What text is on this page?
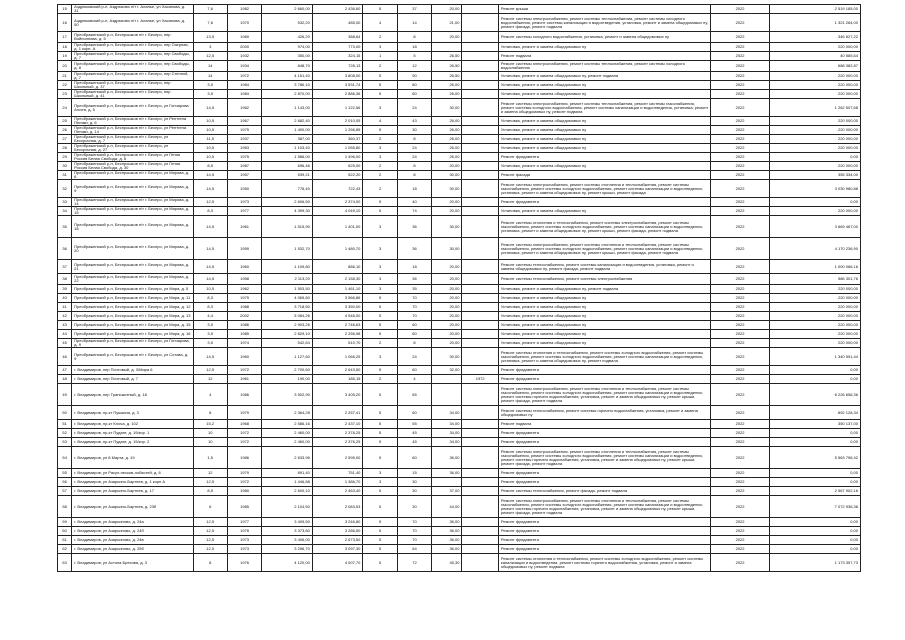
15	Аздрюковский р-н, Аздрюково п/т г. Аланье, ул Хасанова, д. 31	7,6	1982	2 660,00	2 436,60	5	37	20,00		Ремонт крыши	2022	2 519 185,00
16	Аздрюковский р-н, Аздрюково п/т г. Аланье, ул Хасанова, д. 50	7,6	1970	532,20	485,00	4	14	21,00		Ремонт системы электроснабжения, ремонт системы теплоснабжения, ремонт системы холодного водоснабжения, ремонт системы канализации и водоотведения, установка, ремонт и замена общедомовых пу, ремонт фасада, ремонт подвала	2022	1 321 264,00
17	Преображенский р-н, Беспрошков п/т г. Беспро, пер Войнолпова, д. 5	13,5	1969	426,20	388,64	2	8	20,00		Ремонт системы холодного водоснабжения, установка, ремонт и замена общедомовых пу	2022	346 827,22
18	Преображенский р-н, Беспрошков п/т г. Беспро, пер Озерная, д. 1 корп. А	3	2000	974,00	773,00	3	18			Установка, ремонт и замена общедомовых пу	2022	220 000,00
19	Преображенский р-н, Беспрошков п/т г. Беспро, пер Свободы, д. 7	12,5	1932	350,00	324,15	1	5	26,50		Ремонт подвала	2022	40 585,64
20	Преображенский р-н, Беспрошков п/т г. Беспро, пер Свободы, д. 8	14	1934	848,70	728,13	2	12	26,50		Ремонт системы электроснабжения, ремонт системы теплоснабжения, ремонт системы холодного водоснабжения	2022	688 382,87
21	Преображенский р-н, Беспрошков п/т г. Беспро, пер Степной, д. 7	14	1972	4 151,40	3 808,00	5	90	26,50		Установка, ремонт и замена общедомовых пу, ремонт подвала	2022	220 000,00
22	Преображенский р-н, Беспрошков п/т г. Беспро, пер Школьный, д. 37	3,5	1984	3 786,10	3 531,74	5	80	26,00		Установка, ремонт и замена общедомовых пу	2022	220 000,00
23	Преображенский р-н, Беспрошков п/т г. Беспро, пер Школьный, д. 41	3,5	1984	2 870,00	2 886,36	5	60	26,00		Установка, ремонт и замена общедомовых пу	2022	220 000,00
24	Преображенский р-н, Беспрошков п/т г. Беспро, ул Гончарова Аллея, д. 5	14,5	1962	1 143,00	1 122,56	3	24	30,00		Ремонт системы электроснабжения, ремонт системы теплоснабжения, ремонт системы газоснабжения, ремонт системы холодного водоснабжения, ремонт системы канализации и водоотведения, установка, ремонт и замена общедомовых пу, ремонт подвала	2022	1 262 507,68
25	Преображенский р-н, Беспрошков п/т г. Беспро, ул Рентгена Пеняки, д. 6	10,5	1967	2 682,40	2 010,05	4	43	26,00		Установка, ремонт и замена общедомовых пу	2022	220 000,00
26	Преображенский р-н, Беспрошков п/т г. Беспро, ул Рентгена Пеняки, д. 14	10,5	1975	1 400,00	1 256,85	5	30	26,00		Установка, ремонт и замена общедомовых пу	2022	220 000,00
27	Преображенский р-н, Беспрошков п/т г. Беспро, ул Бессрочная, д. 7	11,5	1937	387,00	360,37	2	8	26,00		Установка, ремонт и замена общедомовых пу	2022	220 000,00
28	Преображенский р-н, Беспрошков п/т г. Беспро, ул Бессрочная, д. 27	10,5	1963	1 103,40	1 055,80	3	24	26,00		Установка, ремонт и замена общедомовых пу	2022	220 000,00
29	Преображенский р-н, Беспрошков п/т г. Беспро, ул Гения Россия Белая Свобода, д. 6	10,5	1975	1 586,00	1 496,00	3	24	26,00		Ремонт фундамента	2022	0,00
30	Преображенский р-н, Беспрошков п/т г. Беспро, ул Гения Россия Белая Свобода, д. 30	8,5	1987	696,46	625,00	2	8	20,00		Установка, ремонт и замена общедомовых пу	2022	220 000,00
31	Преображенский р-н, Беспрошков п/т г. Беспро, ул Мирова, д. 6	14,5	1957	539,21	522,20	2	8	30,00		Ремонт фасада	2022	355 334,00
32	Преображенский р-н, Беспрошков п/т г. Беспро, ул Мирова, д. 9	14,5	1950	776,40	722,43	2	18	30,00		Ремонт системы электроснабжения, ремонт системы отопления и теплоснабжения, ремонт системы газоснабжения, ремонт системы холодного водоснабжения, ремонт системы канализации и водоотведения, установка, ремонт и замена общедомовых пу, ремонт крыши, ремонт фасада	2022	3 030 980,88
33	Преображенский р-н, Беспрошков п/т г. Беспро, ул Мирова, д. 14	12,5	1973	2 606,50	2 374,00	5	40	20,00		Ремонт фундамента	2022	0,00
34	Преображенский р-н, Беспрошков п/т г. Беспро, ул Мирова, д. 15	8,3	1977	4 399,30	4 049,10	5	74	20,00		Установка, ремонт и замена общедомовых пу	2022	220 000,00
35	Преображенский р-н, Беспрошков п/т г. Беспро, ул Мирова, д. 18	14,5	1961	1 515,90	1 401,00	3	36	30,00		Ремонт системы отопления и теплоснабжения, ремонт системы электроснабжения, ремонт системы газоснабжения, ремонт системы холодного водоснабжения, ремонт системы канализации и водоотведения, установка, ремонт и замена общедомовых пу, ремонт крыши, ремонт фасада, ремонт подвала	2022	3 669 467,00
36	Преображенский р-н, Беспрошков п/т г. Беспро, ул Мирова, д. 20	14,5	1959	1 532,70	1 480,70	3	36	30,00		Ремонт системы электроснабжения, ремонт системы отопления и теплоснабжения, ремонт системы газоснабжения, ремонт системы холодного водоснабжения, ремонт системы канализации и водоотведения, установка, ремонт и замена общедомовых пу, ремонт крыши, ремонт фасада, ремонт подвала	2022	4 170 236,90
37	Преображенский р-н, Беспрошков п/т г. Беспро, ул Мирова, д. 21	14,5	1960	1 109,80	886,10	3	18	20,00		Ремонт системы теплоснабжения, ремонт системы канализации и водоотведения, установка, ремонт и замена общедомовых пу, ремонт фасада, ремонт подвала	2022	1 000 066,16
38	Преображенский р-н, Беспрошков п/т г. Беспро, ул Мирова, д. 22	14,5	1958	2 113,20	2 158,30	3	36	20,00		Ремонт системы теплоснабжения, ремонт системы электроснабжения	2022	586 301,76
39	Преображенский р-н, Беспрошков п/т г. Беспро, ул Мира, д. 5	10,5	1962	1 503,50	1 461,10	3	35	20,00		Установка, ремонт и замена общедомовых пу, ремонт подвала	2022	220 000,00
40	Преображенский р-н, Беспрошков п/т г. Беспро, ул Мира, д. 11	8,3	1975	4 065,80	3 566,86	5	70	20,00		Установка, ремонт и замена общедомовых пу	2022	220 000,00
41	Преображенский р-н, Беспрошков п/т г. Беспро, ул Мира, д. 12	8,3	1988	3 718,50	3 350,00	5	70	20,00		Установка, ремонт и замена общедомовых пу	2022	220 000,00
42	Преображенский р-н, Беспрошков п/т г. Беспро, ул Мира, д. 13	4,4	2002	5 084,26	4 546,00	5	70	20,00		Установка, ремонт и замена общедомовых пу	2022	220 000,00
43	Преображенский р-н, Беспрошков п/т г. Беспро, ул Мира, д. 15	3,5	1986	2 903,26	2 746,63	5	60	20,00		Установка, ремонт и замена общедомовых пу	2022	220 000,00
44	Преображенский р-н, Беспрошков п/т г. Беспро, ул Мира, д. 16	3,5	1985	2 829,10	2 256,98	5	60	20,00		Установка, ремонт и замена общедомовых пу	2022	220 000,00
45	Преображенский р-н, Беспрошков п/т г. Беспро, ул Гончарова, д. 9	3,5	1974	542,64	510,70	2	8	20,00		Установка, ремонт и замена общедомовых пу	2022	220 000,00
46	Преображенский р-н, Беспрошков п/т г. Беспро, ул Сотова, д. 9	14,5	1960	1 127,60	1 066,25	3	24	30,00		Ремонт системы отопления и теплоснабжения, ремонт системы холодного водоснабжения, ремонт системы газоснабжения, ремонт системы холодного водоснабжения, ремонт системы канализации и водоотведения, установка, ремонт и замена общедомовых пу, ремонт подвала	2022	1 340 591,44
47	г. Владимиров, пер Почтовый, д. 3/Мира 6	12,5	1972	2 700,60	2 643,50	5	60	32,00		Ремонт фундамента	2022	0,00
48	г. Владимиров, пер Почтовый, д. 7	12	1961	190,00	186,15	2	4		1972	Ремонт фундамента	2022	0,00
49	г. Владимиров, пер Трансжитный, д. 18	4	1986	3 502,90	3 405,20	5	65			Ремонт системы электроснабжения, ремонт системы отопления и теплоснабжения, ремонт системы газоснабжения, ремонт системы холодного водоснабжения, ремонт системы канализации и водоотведения, ремонт системы горячего водоснабжения, установка, ремонт и замена общедомовых пу, ремонт крыши, ремонт фасада, ремонт подвала	2022	6 226 656,36
50	г. Владимиров, пр-кт Пушкина, д. 3	8	1979	2 364,28	2 257,41	5	60	34,00		Ремонт системы теплоснабжения, ремонт системы горячего водоснабжения, установка, ремонт и замена общедомовых пу	2022	892 128,34
51	г. Владимиров, пр-кт Клоча, д. 102	15,2	1968	2 586,16	2 437,10	5	55	34,00		Ремонт подвала	2022	350 137,00
52	г. Владимиров, пр-кт Пудант, д. 19/кор. 1	10	1972	2 460,00	2 378,25	5	45	34,00		Ремонт фундамента	2022	0,00
53	г. Владимиров, пр-кт Пудант, д. 19/кор. 2	10	1972	2 460,00	2 376,25	5	45	34,00		Ремонт фундамента	2022	0,00
54	г. Владимиров, ул 8 Марта, д. 19	1,5	1986	2 633,96	2 595,00	5	60	36,00		Ремонт системы электроснабжения, ремонт системы отопления и теплоснабжения, ремонт системы газоснабжения, ремонт системы холодного водоснабжения, ремонт системы канализации и водоотведения, ремонт системы горячего водоснабжения, установка, ремонт и замена общедомовых пу, ремонт крыши, ремонт фасада, ремонт подвала	2022	5 563 796,42
55	г. Владимиров, ул Расул-песков-лобастей, д. 6	12	1979	891,40	751,40	3	15	36,00		Ремонт фундамента	2022	0,00
56	г. Владимиров, ул Азарьино-Бартнев, д. 1 корп А	12,5	1972	1 446,88	1 386,70	3	30			Ремонт фундамента	2022	0,00
57	г. Владимиров, ул Азарьино-Бартнев, д. 17	8,5	1980	2 600,10	2 463,40	5	30	37,00		Ремонт системы теплоснабжения, ремонт фасада, ремонт подвала	2022	2 567 902,16
58	г. Владимиров, ул Азарьино-Бартнев, д. 23б	6	1985	2 104,50	2 083,53	5	30	44,00		Ремонт системы электроснабжения, ремонт системы отопления и теплоснабжения, ремонт системы газоснабжения, ремонт системы холодного водоснабжения, ремонт системы канализации и водоотведения, ремонт системы горячего водоснабжения, установка, ремонт и замена общедомовых пу, ремонт крыши, ремонт фасада, ремонт подвала	2022	7 072 936,38
59	г. Владимиров, ул Азарьиново, д. 24а	12,5	1977	3 409,50	3 246,80	5	70	36,00		Ремонт фундамента	2022	0,00
60	г. Владимиров, ул Азарьиново, д. 24б	12,5	1978	3 373,80	3 286,50	5	70	36,00		Ремонт фундамента	2022	0,00
61	г. Владимиров, ул Азарьиново, д. 24в	12,5	1973	3 406,00	2 673,50	5	70	36,00		Ремонт фундамента	2022	0,00
62	г. Владимиров, ул Азарьиново, д. 25б	12,5	1973	3 296,70	3 097,30	5	64	36,00		Ремонт фундамента	2022	0,00
63	г. Владимиров, ул Астона Брехова, д. 3	8	1976	4 120,00	4 007,70	5	72	45,30		Ремонт системы отопления и теплоснабжения, ремонт системы холодного водоснабжения, ремонт системы канализации и водоотведения, ремонт системы горячего водоснабжения, установка, ремонт и замена общедомовых пу, ремонт подвала	2022	1 173 357,73
